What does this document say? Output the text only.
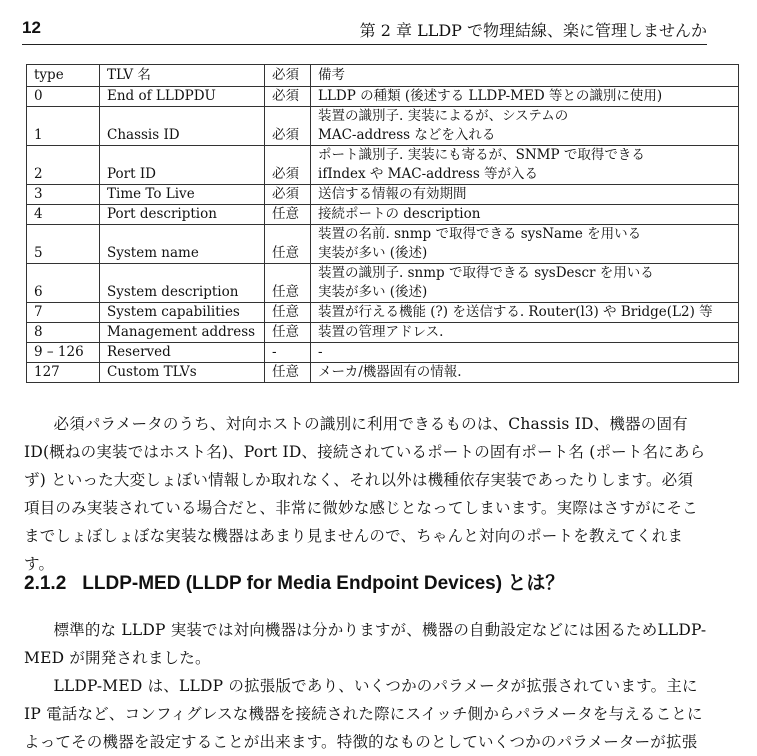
12	第 2 章 LLDP で物理結線、楽に管理しませんか
type	TLV 名	必須	備考
0	End of LLDPDU	必須	LLDP の種類 (後述する LLDP-MED 等との識別に使用)

1	Chassis ID	必須	装置の識別子. 実装によるが、システムの
MAC-address などを入れる

2	Port ID	必須	ポート識別子. 実装にも寄るが、SNMP で取得できる
ifIndex や MAC-address 等が入る

3	Time To Live	必須	送信する情報の有効期間

4	Port description	任意	接続ポートの description

5	System name	任意	装置の名前. snmp で取得できる sysName を用いる
実装が多い (後述)

6	System description	任意	装置の識別子. snmp で取得できる sysDescr を用いる
実装が多い (後述)

7	System capabilities	任意	装置が行える機能 (?) を送信する. Router(l3) や Bridge(L2) 等

8	Management address	任意	装置の管理アドレス.

9 – 126	Reserved	-	-

127	Custom TLVs	任意	メーカ/機器固有の情報.

必須パラメータのうち、対向ホストの識別に利用できるものは、Chassis ID、機器の固有ID(概ねの実装ではホスト名)、Port ID、接続されているポートの固有ポート名 (ポート名にあらず) といった大変しょぼい情報しか取れなく、それ以外は機種依存実装であったりします。必須項目のみ実装されている場合だと、非常に微妙な感じとなってしまいます。実際はさすがにそこまでしょぼしょぼな実装な機器はあまり見ませんので、ちゃんと対向のポートを教えてくれます。

2.1.2 LLDP-MED (LLDP for Media Endpoint Devices) とは？

標準的な LLDP 実装では対向機器は分かりますが、機器の自動設定などには困るためLLDP-MED が開発されました。

LLDP-MED は、LLDP の拡張版であり、いくつかのパラメータが拡張されています。主にIP 電話など、コンフィグレスな機器を接続された際にスイッチ側からパラメータを与えることによってその機器を設定することが出来ます。特徴的なものとしていくつかのパラメーターが拡張
